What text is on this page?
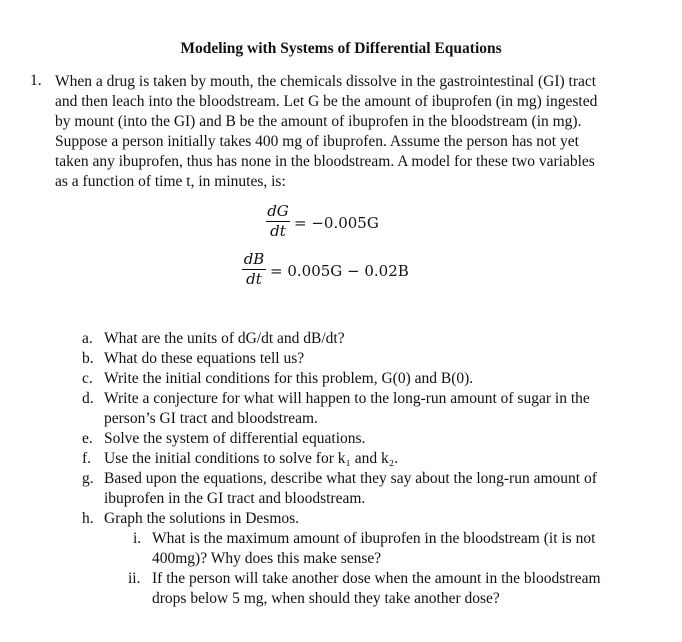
Modeling with Systems of Differential Equations
1. When a drug is taken by mouth, the chemicals dissolve in the gastrointestinal (GI) tract
and then leach into the bloodstream. Let G be the amount of ibuprofen (in mg) ingested
by mount (into the GI) and B be the amount of ibuprofen in the bloodstream (in mg).
Suppose a person initially takes 400 mg of ibuprofen. Assume the person has not yet
taken any ibuprofen, thus has none in the bloodstream. A model for these two variables
as a function of time t, in minutes, is:
$\frac{dG}{dt} = -0.005G$
$\frac{dB}{dt} = 0.005G - 0.02B$
a. What are the units of dG/dt and dB/dt?
b. What do these equations tell us?
c. Write the initial conditions for this problem, G(0) and B(0).
d. Write a conjecture for what will happen to the long-run amount of sugar in the
person’s GI tract and bloodstream.
e. Solve the system of differential equations.
f. Use the initial conditions to solve for k₁ and k₂.
g. Based upon the equations, describe what they say about the long-run amount of
ibuprofen in the GI tract and bloodstream.
h. Graph the solutions in Desmos.
i. What is the maximum amount of ibuprofen in the bloodstream (it is not
400mg)? Why does this make sense?
ii. If the person will take another dose when the amount in the bloodstream
drops below 5 mg, when should they take another dose?
